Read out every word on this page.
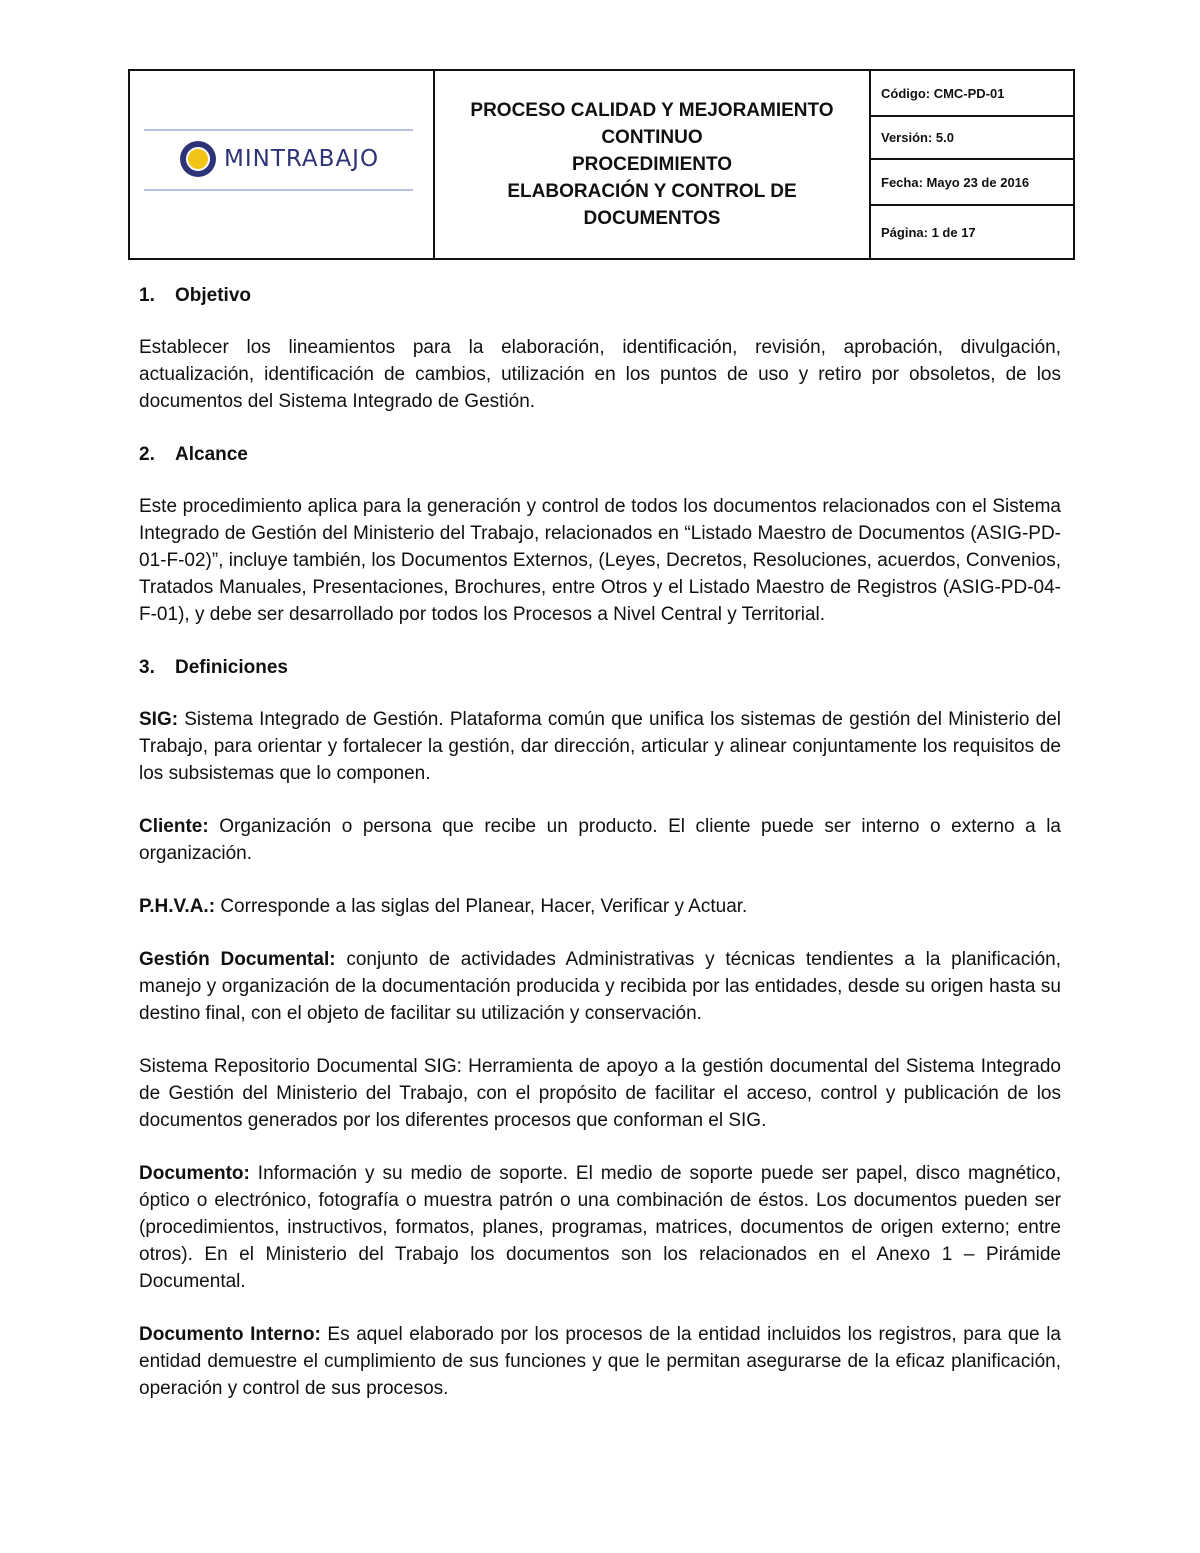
MINTRABAJO

PROCESO CALIDAD Y MEJORAMIENTO
CONTINUO
PROCEDIMIENTO
ELABORACIÓN Y CONTROL DE
DOCUMENTOS

Código: CMC-PD-01
Versión: 5.0
Fecha: Mayo 23 de 2016
Página: 1 de 17
1. Objetivo

Establecer los lineamientos para la elaboración, identificación, revisión, aprobación, divulgación, actualización, identificación de cambios, utilización en los puntos de uso y retiro por obsoletos, de los documentos del Sistema Integrado de Gestión.

2. Alcance

Este procedimiento aplica para la generación y control de todos los documentos relacionados con el Sistema Integrado de Gestión del Ministerio del Trabajo, relacionados en “Listado Maestro de Documentos (ASIG-PD-01-F-02)”, incluye también, los Documentos Externos, (Leyes, Decretos, Resoluciones, acuerdos, Convenios, Tratados Manuales, Presentaciones, Brochures, entre Otros y el Listado Maestro de Registros (ASIG-PD-04-F-01), y debe ser desarrollado por todos los Procesos a Nivel Central y Territorial.

3. Definiciones

SIG: Sistema Integrado de Gestión. Plataforma común que unifica los sistemas de gestión del Ministerio del Trabajo, para orientar y fortalecer la gestión, dar dirección, articular y alinear conjuntamente los requisitos de los subsistemas que lo componen.

Cliente: Organización o persona que recibe un producto. El cliente puede ser interno o externo a la organización.

P.H.V.A.: Corresponde a las siglas del Planear, Hacer, Verificar y Actuar.

Gestión Documental: conjunto de actividades Administrativas y técnicas tendientes a la planificación, manejo y organización de la documentación producida y recibida por las entidades, desde su origen hasta su destino final, con el objeto de facilitar su utilización y conservación.

Sistema Repositorio Documental SIG: Herramienta de apoyo a la gestión documental del Sistema Integrado de Gestión del Ministerio del Trabajo, con el propósito de facilitar el acceso, control y publicación de los documentos generados por los diferentes procesos que conforman el SIG.

Documento: Información y su medio de soporte. El medio de soporte puede ser papel, disco magnético, óptico o electrónico, fotografía o muestra patrón o una combinación de éstos. Los documentos pueden ser (procedimientos, instructivos, formatos, planes, programas, matrices, documentos de origen externo; entre otros). En el Ministerio del Trabajo los documentos son los relacionados en el Anexo 1 – Pirámide Documental.

Documento Interno: Es aquel elaborado por los procesos de la entidad incluidos los registros, para que la entidad demuestre el cumplimiento de sus funciones y que le permitan asegurarse de la eficaz planificación, operación y control de sus procesos.
